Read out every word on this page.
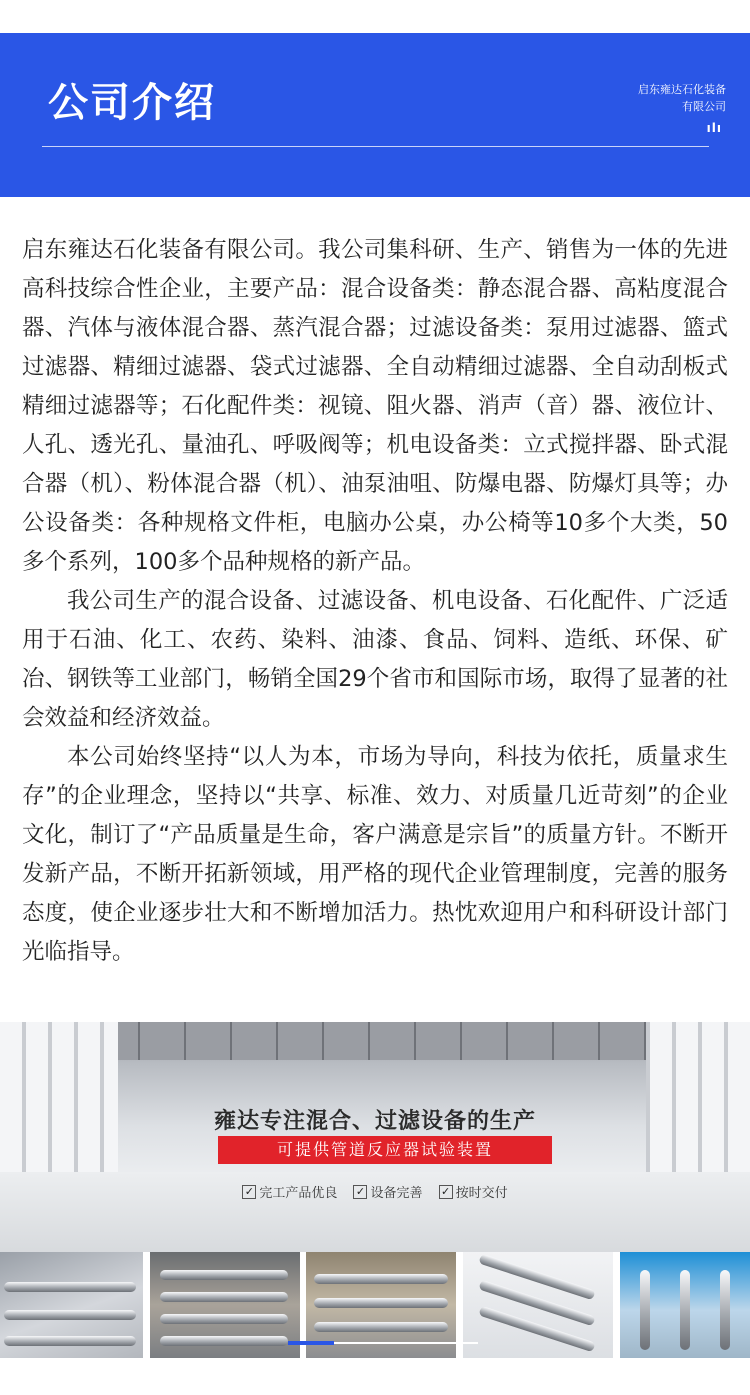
公司介绍	启东雍达石化装备
有限公司
ılı

启东雍达石化装备有限公司。我公司集科研、生产、销售为一体的先进高科技综合性企业，主要产品：混合设备类：静态混合器、高粘度混合器、汽体与液体混合器、蒸汽混合器；过滤设备类：泵用过滤器、篮式过滤器、精细过滤器、袋式过滤器、全自动精细过滤器、全自动刮板式精细过滤器等；石化配件类：视镜、阻火器、消声（音）器、液位计、人孔、透光孔、量油孔、呼吸阀等；机电设备类：立式搅拌器、卧式混合器（机）、粉体混合器（机）、油泵油咀、防爆电器、防爆灯具等；办公设备类：各种规格文件柜，电脑办公桌，办公椅等10多个大类，50多个系列，100多个品种规格的新产品。

我公司生产的混合设备、过滤设备、机电设备、石化配件、广泛适用于石油、化工、农药、染料、油漆、食品、饲料、造纸、环保、矿冶、钢铁等工业部门，畅销全国29个省市和国际市场，取得了显著的社会效益和经济效益。

本公司始终坚持“以人为本，市场为导向，科技为依托，质量求生存”的企业理念，坚持以“共享、标准、效力、对质量几近苛刻”的企业文化，制订了“产品质量是生命，客户满意是宗旨”的质量方针。不断开发新产品，不断开拓新领域，用严格的现代企业管理制度，完善的服务态度，使企业逐步壮大和不断增加活力。热忱欢迎用户和科研设计部门光临指导。

雍达专注混合、过滤设备的生产
可提供管道反应器试验装置
✓ 完工产品优良
✓ 设备完善
✓ 按时交付
